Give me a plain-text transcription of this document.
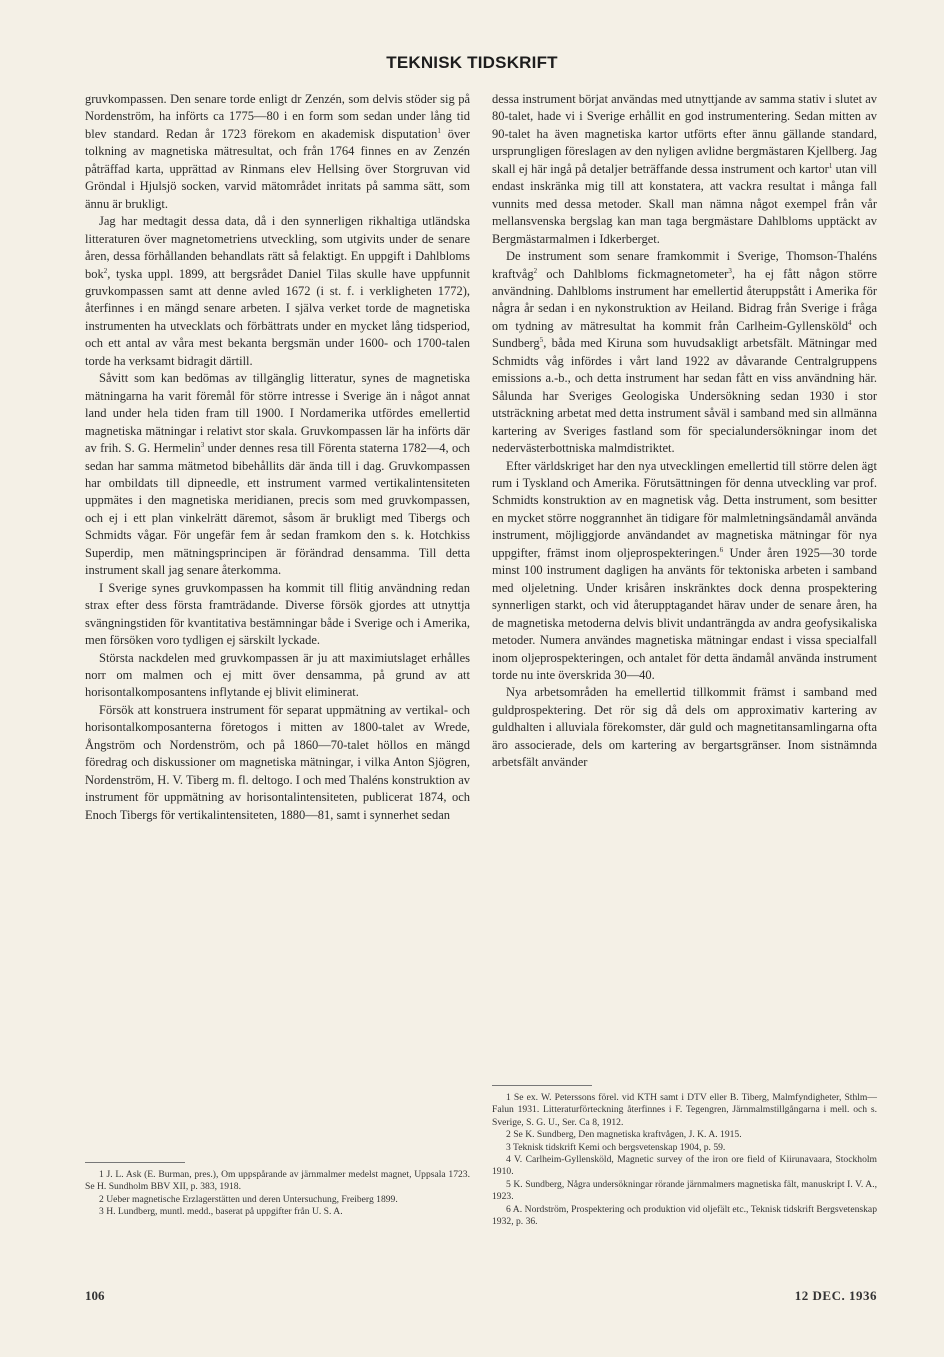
TEKNISK TIDSKRIFT

gruvkompassen. Den senare torde enligt dr Zenzén, som delvis stöder sig på Nordenström, ha införts ca 1775—80 i en form som sedan under lång tid blev standard. Redan år 1723 förekom en akademisk disputation$^1$ över tolkning av magnetiska mätresultat, och från 1764 finnes en av Zenzén påträffad karta, upprättad av Rinmans elev Hellsing över Storgruvan vid Gröndal i Hjulsjö socken, varvid mätområdet inritats på samma sätt, som ännu är brukligt.

Jag har medtagit dessa data, då i den synnerligen rikhaltiga utländska litteraturen över magnetometriens utveckling, som utgivits under de senare åren, dessa förhållanden behandlats rätt så felaktigt. En uppgift i Dahlbloms bok$^2$, tyska uppl. 1899, att bergsrådet Daniel Tilas skulle have uppfunnit gruvkompassen samt att denne avled 1672 (i st. f. i verkligheten 1772), återfinnes i en mängd senare arbeten. I själva verket torde de magnetiska instrumenten ha utvecklats och förbättrats under en mycket lång tidsperiod, och ett antal av våra mest bekanta bergsmän under 1600- och 1700-talen torde ha verksamt bidragit därtill.

Såvitt som kan bedömas av tillgänglig litteratur, synes de magnetiska mätningarna ha varit föremål för större intresse i Sverige än i något annat land under hela tiden fram till 1900. I Nordamerika utfördes emellertid magnetiska mätningar i relativt stor skala. Gruvkompassen lär ha införts där av frih. S. G. Hermelin$^3$ under dennes resa till Förenta staterna 1782—4, och sedan har samma mätmetod bibehållits där ända till i dag. Gruvkompassen har ombildats till dipneedle, ett instrument varmed vertikalintensiteten uppmätes i den magnetiska meridianen, precis som med gruvkompassen, och ej i ett plan vinkelrätt däremot, såsom är brukligt med Tibergs och Schmidts vågar. För ungefär fem år sedan framkom den s. k. Hotchkiss Superdip, men mätningsprincipen är förändrad densamma. Till detta instrument skall jag senare återkomma.

I Sverige synes gruvkompassen ha kommit till flitig användning redan strax efter dess första framträdande. Diverse försök gjordes att utnyttja svängningstiden för kvantitativa bestämningar både i Sverige och i Amerika, men försöken voro tydligen ej särskilt lyckade.

Största nackdelen med gruvkompassen är ju att maximiutslaget erhålles norr om malmen och ej mitt över densamma, på grund av att horisontalkomposantens inflytande ej blivit eliminerat.

Försök att konstruera instrument för separat uppmätning av vertikal- och horisontalkomposanterna företogos i mitten av 1800-talet av Wrede, Ångström och Nordenström, och på 1860—70-talet höllos en mängd föredrag och diskussioner om magnetiska mätningar, i vilka Anton Sjögren, Nordenström, H. V. Tiberg m. fl. deltogo. I och med Thaléns konstruktion av instrument för uppmätning av horisontalintensiteten, publicerat 1874, och Enoch Tibergs för vertikalintensiteten, 1880—81, samt i synnerhet sedan

dessa instrument börjat användas med utnyttjande av samma stativ i slutet av 80-talet, hade vi i Sverige erhållit en god instrumentering. Sedan mitten av 90-talet ha även magnetiska kartor utförts efter ännu gällande standard, ursprungligen föreslagen av den nyligen avlidne bergmästaren Kjellberg. Jag skall ej här ingå på detaljer beträffande dessa instrument och kartor$^1$ utan vill endast inskränka mig till att konstatera, att vackra resultat i många fall vunnits med dessa metoder. Skall man nämna något exempel från vår mellansvenska bergslag kan man taga bergmästare Dahlbloms upptäckt av Bergmästarmalmen i Idkerberget.

De instrument som senare framkommit i Sverige, Thomson-Thaléns kraftvåg$^2$ och Dahlbloms fickmagnetometer$^3$, ha ej fått någon större användning. Dahlbloms instrument har emellertid återuppstått i Amerika för några år sedan i en nykonstruktion av Heiland. Bidrag från Sverige i fråga om tydning av mätresultat ha kommit från Carlheim-Gyllensköld$^4$ och Sundberg$^5$, båda med Kiruna som huvudsakligt arbetsfält. Mätningar med Schmidts våg infördes i vårt land 1922 av dåvarande Centralgruppens emissions a.-b., och detta instrument har sedan fått en viss användning här. Sålunda har Sveriges Geologiska Undersökning sedan 1930 i stor utsträckning arbetat med detta instrument såväl i samband med sin allmänna kartering av Sveriges fastland som för specialundersökningar inom det nedervästerbottniska malmdistriktet.

Efter världskriget har den nya utvecklingen emellertid till större delen ägt rum i Tyskland och Amerika. Förutsättningen för denna utveckling var prof. Schmidts konstruktion av en magnetisk våg. Detta instrument, som besitter en mycket större noggrannhet än tidigare för malmletningsändamål använda instrument, möjliggjorde användandet av magnetiska mätningar för nya uppgifter, främst inom oljeprospekteringen.$^6$ Under åren 1925—30 torde minst 100 instrument dagligen ha använts för tektoniska arbeten i samband med oljeletning. Under krisåren inskränktes dock denna prospektering synnerligen starkt, och vid återupptagandet härav under de senare åren, ha de magnetiska metoderna delvis blivit undanträngda av andra geofysikaliska metoder. Numera användes magnetiska mätningar endast i vissa specialfall inom oljeprospekteringen, och antalet för detta ändamål använda instrument torde nu inte överskrida 30—40.

Nya arbetsområden ha emellertid tillkommit främst i samband med guldprospektering. Det rör sig då dels om approximativ kartering av guldhalten i alluviala förekomster, där guld och magnetitansamlingarna ofta äro associerade, dels om kartering av bergartsgränser. Inom sistnämnda arbetsfält använder

1 J. L. Ask (E. Burman, pres.), Om uppspårande av järnmalmer medelst magnet, Uppsala 1723. Se H. Sundholm BBV XII, p. 383, 1918.

2 Ueber magnetische Erzlagerstätten und deren Untersuchung, Freiberg 1899.

3 H. Lundberg, muntl. medd., baserat på uppgifter från U. S. A.

1 Se ex. W. Peterssons förel. vid KTH samt i DTV eller B. Tiberg, Malmfyndigheter, Sthlm—Falun 1931. Litteraturförteckning återfinnes i F. Tegengren, Järnmalmstillgångarna i mell. och s. Sverige, S. G. U., Ser. Ca 8, 1912.

2 Se K. Sundberg, Den magnetiska kraftvågen, J. K. A. 1915.

3 Teknisk tidskrift Kemi och bergsvetenskap 1904, p. 59.

4 V. Carlheim-Gyllensköld, Magnetic survey of the iron ore field of Kiirunavaara, Stockholm 1910.

5 K. Sundberg, Några undersökningar rörande järnmalmers magnetiska fält, manuskript I. V. A., 1923.

6 A. Nordström, Prospektering och produktion vid oljefält etc., Teknisk tidskrift Bergsvetenskap 1932, p. 36.

106	12 DEC. 1936
